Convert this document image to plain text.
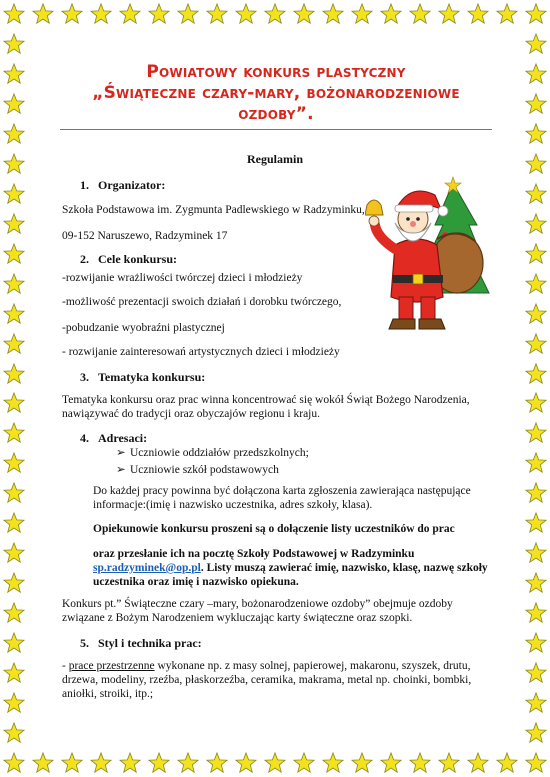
Powiatowy konkurs plastyczny

„Świąteczne czary-mary, bożonarodzeniowe

ozdoby”.

Regulamin
1. Organizator:
Szkoła Podstawowa im. Zygmunta Padlewskiego w Radzyminku,
09-152 Naruszewo, Radzyminek 17
2. Cele konkursu:
-rozwijanie wrażliwości twórczej dzieci i młodzieży
-możliwość prezentacji swoich działań i dorobku twórczego,
-pobudzanie wyobraźni plastycznej
- rozwijanie zainteresowań artystycznych dzieci i młodzieży
3. Tematyka konkursu:
Tematyka konkursu oraz prac winna koncentrować się wokół Świąt Bożego Narodzenia,
nawiązywać do tradycji oraz obyczajów regionu i kraju.
4. Adresaci:
➢ Uczniowie oddziałów przedszkolnych;
➢ Uczniowie szkół podstawowych
Do każdej pracy powinna być dołączona karta zgłoszenia zawierająca następujące
informacje:(imię i nazwisko uczestnika, adres szkoły, klasa).
Opiekunowie konkursu proszeni są o dołączenie listy uczestników do prac
oraz przesłanie ich na pocztę Szkoły Podstawowej w Radzyminku
sp.radzyminek@op.pl. Listy muszą zawierać imię, nazwisko, klasę, nazwę szkoły
uczestnika oraz imię i nazwisko opiekuna.
Konkurs pt.” Świąteczne czary –mary, bożonarodzeniowe ozdoby” obejmuje ozdoby
związane z Bożym Narodzeniem wykluczając karty świąteczne oraz szopki.
5. Styl i technika prac:
- prace przestrzenne wykonane np. z masy solnej, papierowej, makaronu, szyszek, drutu,
drzewa, modeliny, rzeźba, płaskorzeźba, ceramika, makrama, metal np. choinki, bombki,
aniołki, stroiki, itp.;
